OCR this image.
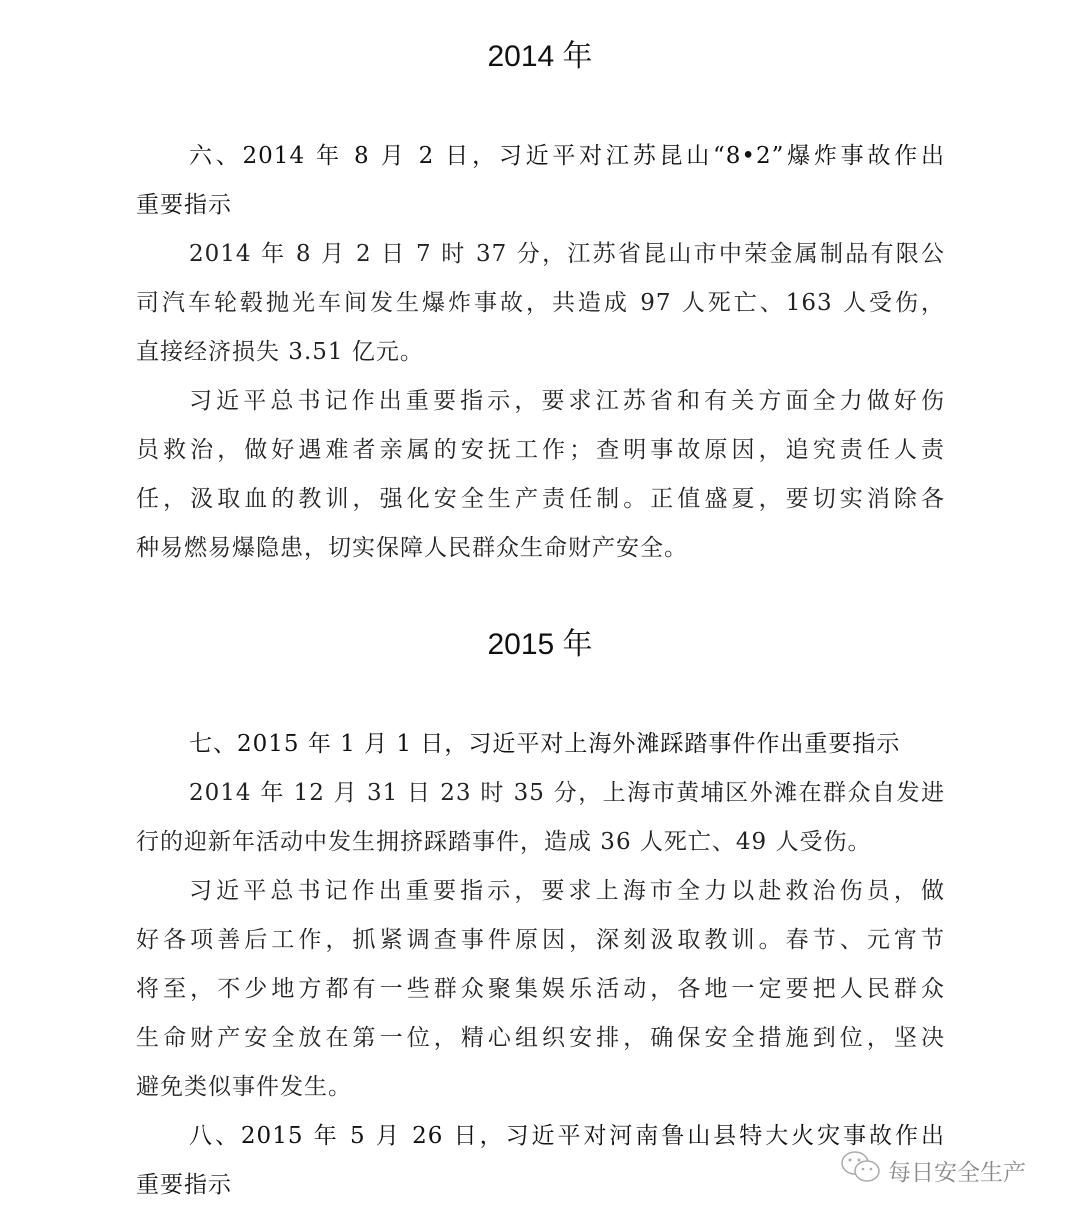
2014 年
六、2014 年 8 月 2 日，习近平对江苏昆山“8•2”爆炸事故作出
重要指示
2014 年 8 月 2 日 7 时 37 分，江苏省昆山市中荣金属制品有限公
司汽车轮毂抛光车间发生爆炸事故，共造成 97 人死亡、163 人受伤，
直接经济损失 3.51 亿元。
习近平总书记作出重要指示，要求江苏省和有关方面全力做好伤
员救治，做好遇难者亲属的安抚工作；查明事故原因，追究责任人责
任，汲取血的教训，强化安全生产责任制。正值盛夏，要切实消除各
种易燃易爆隐患，切实保障人民群众生命财产安全。
2015 年
七、2015 年 1 月 1 日，习近平对上海外滩踩踏事件作出重要指示
2014 年 12 月 31 日 23 时 35 分，上海市黄埔区外滩在群众自发进
行的迎新年活动中发生拥挤踩踏事件，造成 36 人死亡、49 人受伤。
习近平总书记作出重要指示，要求上海市全力以赴救治伤员，做
好各项善后工作，抓紧调查事件原因，深刻汲取教训。春节、元宵节
将至，不少地方都有一些群众聚集娱乐活动，各地一定要把人民群众
生命财产安全放在第一位，精心组织安排，确保安全措施到位，坚决
避免类似事件发生。
八、2015 年 5 月 26 日，习近平对河南鲁山县特大火灾事故作出
重要指示	每日安全生产
